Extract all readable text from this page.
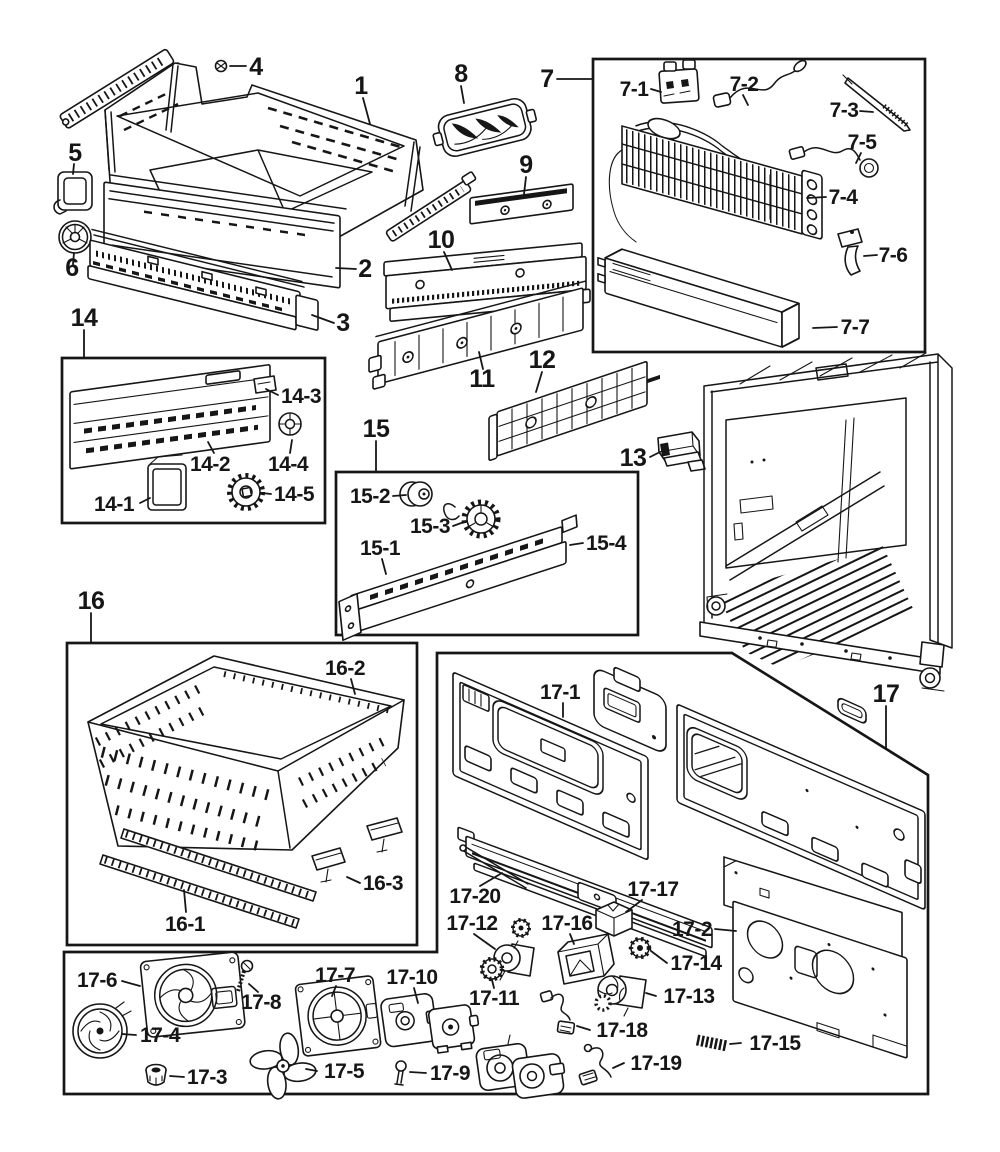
1
2
3
4
5
6
7
8
9
10
11
12
13
14
15
16
17
7-1	7-2
7-3
7-4
7-5
7-6
7-7
14-1
14-2
14-3
14-4
14-5
15-1
15-2
15-3
15-4
16-1
16-2
16-3
17-1
17-2
17-3
17-4
17-5
17-6	17-7
17-8
17-9
17-10
17-11
17-12
17-13
17-14
17-15
17-16
17-17
17-18
17-19
17-20
